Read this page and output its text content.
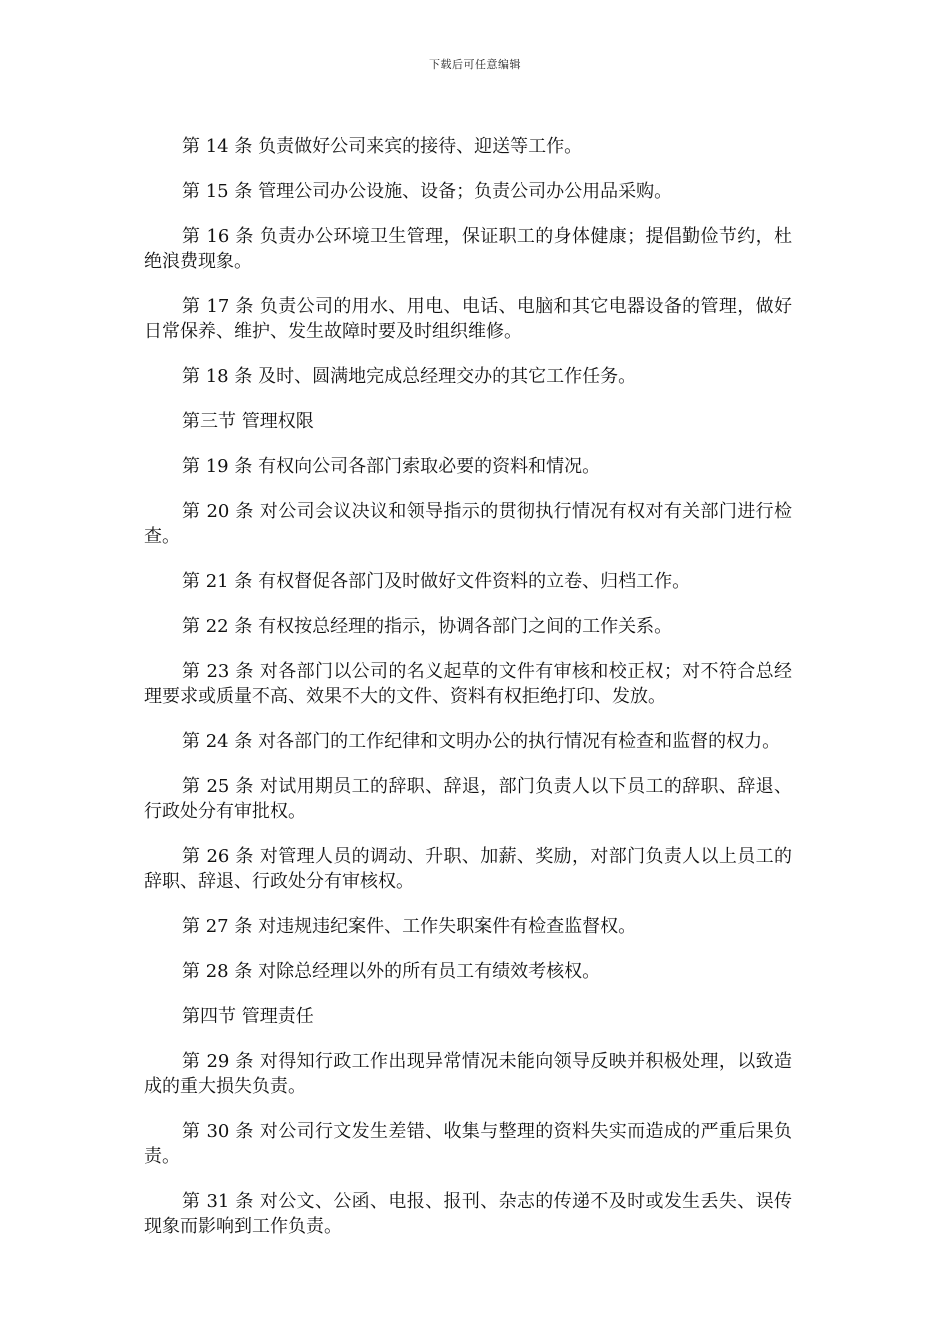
下载后可任意编辑

第 14 条 负责做好公司来宾的接待、迎送等工作。

第 15 条 管理公司办公设施、设备；负责公司办公用品采购。

第 16 条 负责办公环境卫生管理，保证职工的身体健康；提倡勤俭节约，杜绝浪费现象。

第 17 条 负责公司的用水、用电、电话、电脑和其它电器设备的管理，做好日常保养、维护、发生故障时要及时组织维修。

第 18 条 及时、圆满地完成总经理交办的其它工作任务。

第三节 管理权限

第 19 条 有权向公司各部门索取必要的资料和情况。

第 20 条 对公司会议决议和领导指示的贯彻执行情况有权对有关部门进行检查。

第 21 条 有权督促各部门及时做好文件资料的立卷、归档工作。

第 22 条 有权按总经理的指示，协调各部门之间的工作关系。

第 23 条 对各部门以公司的名义起草的文件有审核和校正权；对不符合总经理要求或质量不高、效果不大的文件、资料有权拒绝打印、发放。

第 24 条 对各部门的工作纪律和文明办公的执行情况有检查和监督的权力。

第 25 条 对试用期员工的辞职、辞退，部门负责人以下员工的辞职、辞退、行政处分有审批权。

第 26 条 对管理人员的调动、升职、加薪、奖励，对部门负责人以上员工的辞职、辞退、行政处分有审核权。

第 27 条 对违规违纪案件、工作失职案件有检查监督权。

第 28 条 对除总经理以外的所有员工有绩效考核权。

第四节 管理责任

第 29 条 对得知行政工作出现异常情况未能向领导反映并积极处理，以致造成的重大损失负责。

第 30 条 对公司行文发生差错、收集与整理的资料失实而造成的严重后果负责。

第 31 条 对公文、公函、电报、报刊、杂志的传递不及时或发生丢失、误传现象而影响到工作负责。
